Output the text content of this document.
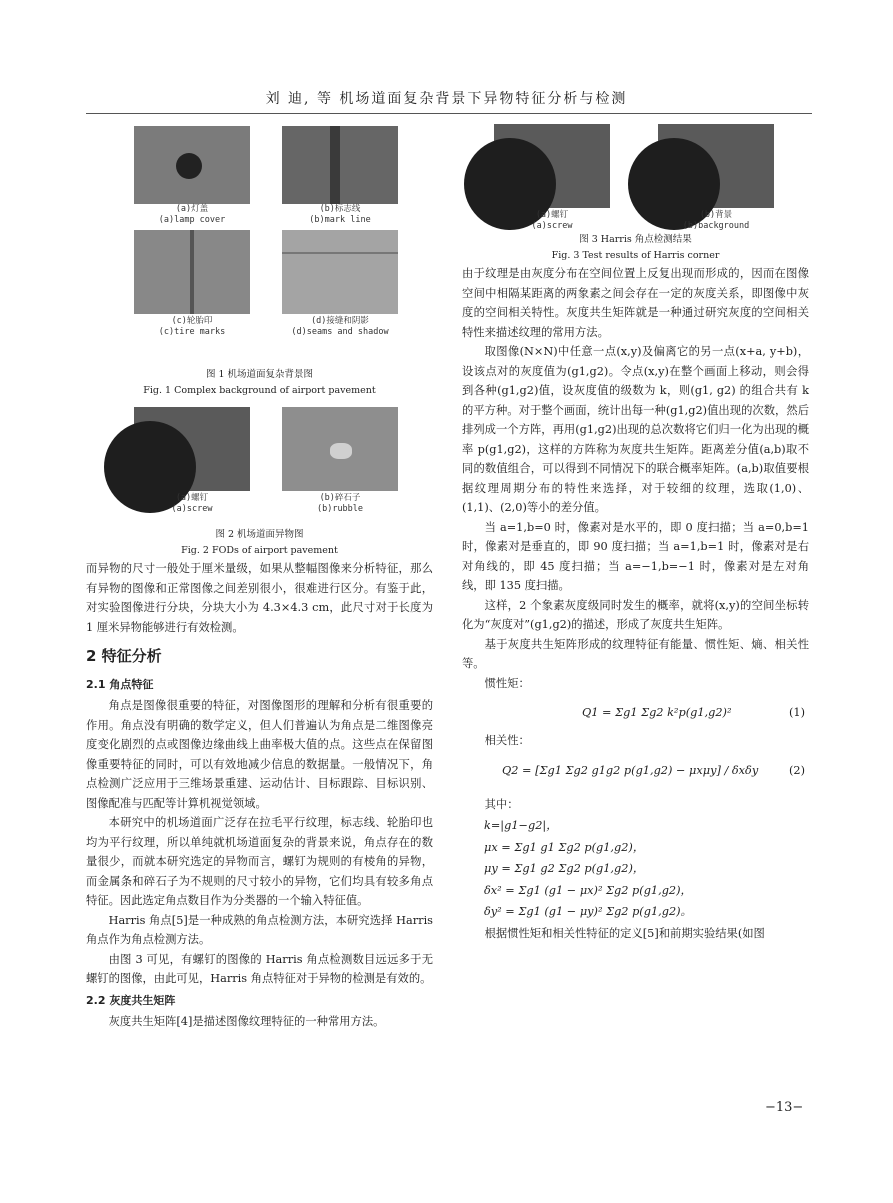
刘 迪, 等 机场道面复杂背景下异物特征分析与检测
(a)灯盖
(a)lamp cover
(b)标志线
(b)mark line
(c)轮胎印
(c)tire marks
(d)接缝和阴影
(d)seams and shadow
图 1 机场道面复杂背景图
Fig. 1 Complex background of airport pavement
(a)螺钉
(a)screw
(b)碎石子
(b)rubble
图 2 机场道面异物图
Fig. 2 FODs of airport pavement

而异物的尺寸一般处于厘米量级，如果从整幅图像来分析特征，那么有异物的图像和正常图像之间差别很小，很难进行区分。有鉴于此，对实验图像进行分块，分块大小为 4.3×4.3 cm，此尺寸对于长度为 1 厘米异物能够进行有效检测。

2 特征分析
2.1 角点特征

角点是图像很重要的特征，对图像图形的理解和分析有很重要的作用。角点没有明确的数学定义，但人们普遍认为角点是二维图像亮度变化剧烈的点或图像边缘曲线上曲率极大值的点。这些点在保留图像重要特征的同时，可以有效地减少信息的数据量。一般情况下，角点检测广泛应用于三维场景重建、运动估计、目标跟踪、目标识别、图像配准与匹配等计算机视觉领域。

本研究中的机场道面广泛存在拉毛平行纹理，标志线、轮胎印也均为平行纹理，所以单纯就机场道面复杂的背景来说，角点存在的数量很少，而就本研究选定的异物而言，螺钉为规则的有棱角的异物，而金属条和碎石子为不规则的尺寸较小的异物，它们均具有较多角点特征。因此选定角点数目作为分类器的一个输入特征值。

Harris 角点[5]是一种成熟的角点检测方法，本研究选择 Harris 角点作为角点检测方法。

由图 3 可见，有螺钉的图像的 Harris 角点检测数目远远多于无螺钉的图像，由此可见，Harris 角点特征对于异物的检测是有效的。

2.2 灰度共生矩阵

灰度共生矩阵[4]是描述图像纹理特征的一种常用方法。

(a)螺钉
(a)screw
(b)背景
(b)background
图 3 Harris 角点检测结果
Fig. 3 Test results of Harris corner

由于纹理是由灰度分布在空间位置上反复出现而形成的，因而在图像空间中相隔某距离的两象素之间会存在一定的灰度关系，即图像中灰度的空间相关特性。灰度共生矩阵就是一种通过研究灰度的空间相关特性来描述纹理的常用方法。

取图像(N×N)中任意一点(x,y)及偏离它的另一点(x+a, y+b)，设该点对的灰度值为(g1,g2)。令点(x,y)在整个画面上移动，则会得到各种(g1,g2)值，设灰度值的级数为 k，则(g1, g2) 的组合共有 k 的平方种。对于整个画面，统计出每一种(g1,g2)值出现的次数，然后排列成一个方阵，再用(g1,g2)出现的总次数将它们归一化为出现的概率 p(g1,g2)，这样的方阵称为灰度共生矩阵。距离差分值(a,b)取不同的数值组合，可以得到不同情况下的联合概率矩阵。(a,b)取值要根据纹理周期分布的特性来选择，对于较细的纹理，选取(1,0)、(1,1)、(2,0)等小的差分值。

当 a=1,b=0 时，像素对是水平的，即 0 度扫描；当 a=0,b=1 时，像素对是垂直的，即 90 度扫描；当 a=1,b=1 时，像素对是右对角线的，即 45 度扫描；当 a=−1,b=−1 时，像素对是左对角线，即 135 度扫描。

这样，2 个象素灰度级同时发生的概率，就将(x,y)的空间坐标转化为“灰度对”(g1,g2)的描述，形成了灰度共生矩阵。

基于灰度共生矩阵形成的纹理特征有能量、惯性矩、熵、相关性等。

惯性矩：

Q1 = Σg1 Σg2 k²p(g1,g2)²	(1)

相关性：

Q2 = [Σg1 Σg2 g1g2 p(g1,g2) − μxμy] / δxδy	(2)

其中：

k=|g1−g2|，
μx = Σg1 g1 Σg2 p(g1,g2)，
μy = Σg1 g2 Σg2 p(g1,g2)，
δx² = Σg1 (g1 − μx)² Σg2 p(g1,g2)，
δy² = Σg1 (g1 − μy)² Σg2 p(g1,g2)。

根据惯性矩和相关性特征的定义[5]和前期实验结果(如图

−13−
